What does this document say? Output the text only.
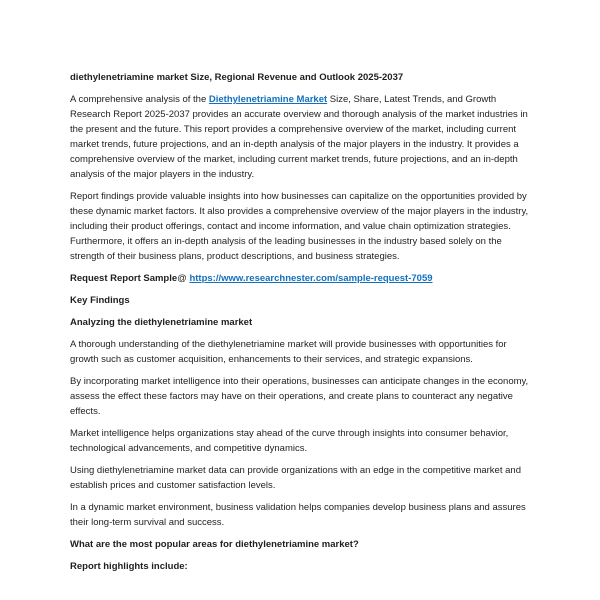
diethylenetriamine market Size, Regional Revenue and Outlook 2025-2037

A comprehensive analysis of the Diethylenetriamine Market Size, Share, Latest Trends, and Growth Research Report 2025-2037 provides an accurate overview and thorough analysis of the market industries in the present and the future. This report provides a comprehensive overview of the market, including current market trends, future projections, and an in-depth analysis of the major players in the industry. It provides a comprehensive overview of the market, including current market trends, future projections, and an in-depth analysis of the major players in the industry.

Report findings provide valuable insights into how businesses can capitalize on the opportunities provided by these dynamic market factors. It also provides a comprehensive overview of the major players in the industry, including their product offerings, contact and income information, and value chain optimization strategies. Furthermore, it offers an in-depth analysis of the leading businesses in the industry based solely on the strength of their business plans, product descriptions, and business strategies.

Request Report Sample@ https://www.researchnester.com/sample-request-7059

Key Findings
Analyzing the diethylenetriamine market

A thorough understanding of the diethylenetriamine market will provide businesses with opportunities for growth such as customer acquisition, enhancements to their services, and strategic expansions.

By incorporating market intelligence into their operations, businesses can anticipate changes in the economy, assess the effect these factors may have on their operations, and create plans to counteract any negative effects.

Market intelligence helps organizations stay ahead of the curve through insights into consumer behavior, technological advancements, and competitive dynamics.

Using diethylenetriamine market data can provide organizations with an edge in the competitive market and establish prices and customer satisfaction levels.

In a dynamic market environment, business validation helps companies develop business plans and assures their long-term survival and success.

What are the most popular areas for diethylenetriamine market?
Report highlights include:
